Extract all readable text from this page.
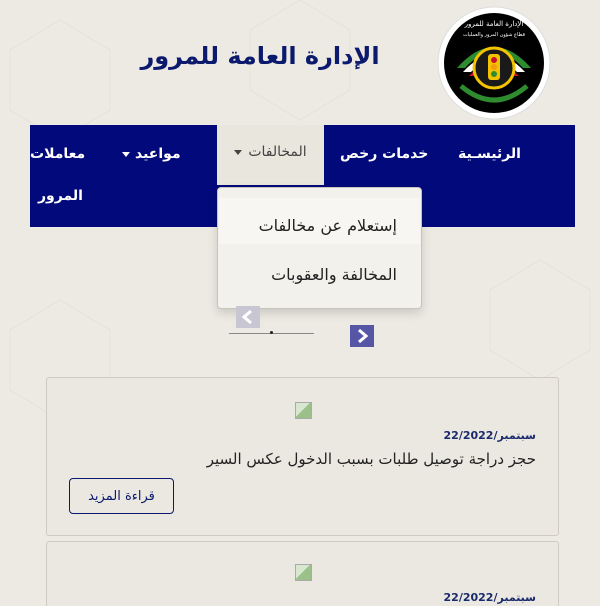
الإدارة العامة للمرور
قطاع شؤون المرور والعمليات
الإدارة العامة للمرور
الرئيسـية
خدمات رخص
المخالفات
مواعيد
معاملات
المرور
إستعلام عن مخالفات
المخالفة والعقوبات
22/سبتمبر/2022
حجز دراجة توصيل طلبات بسبب الدخول عكس السير
قراءة المزيد
22/سبتمبر/2022
